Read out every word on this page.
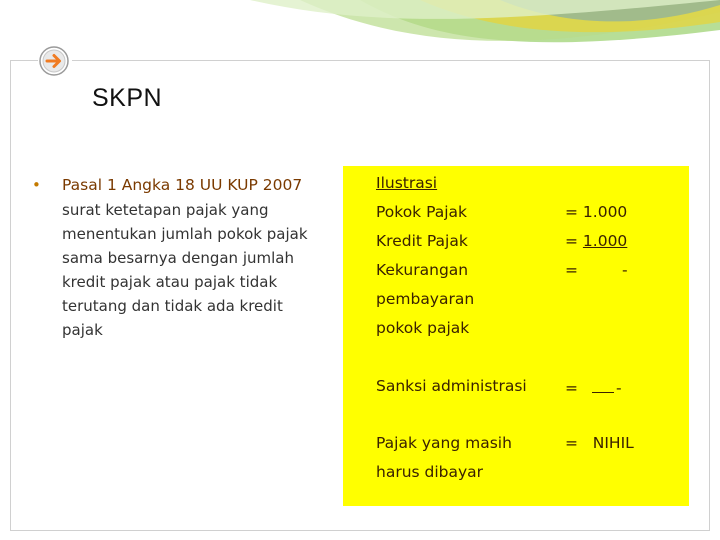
SKPN
• Pasal 1 Angka 18 UU KUP 2007
surat ketetapan pajak yang menentukan jumlah pokok pajak sama besarnya dengan jumlah kredit pajak atau pajak tidak terutang dan tidak ada kredit pajak
Ilustrasi
Pokok Pajak	= 1.000
Kredit Pajak	= 1.000
Kekurangan	=	-
pembayaran
pokok pajak
Sanksi administrasi = -
Pajak yang masih	=   NIHIL
harus dibayar
